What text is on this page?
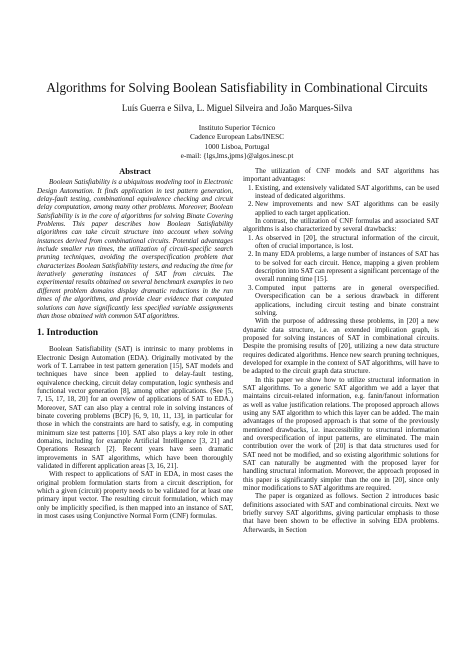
Algorithms for Solving Boolean Satisfiability in Combinational Circuits
Luís Guerra e Silva, L. Miguel Silveira and João Marques-Silva
Instituto Superior Técnico
Cadence European Labs/INESC
1000 Lisboa, Portugal
e-mail: {lgs,lms,jpms}@algos.inesc.pt
Abstract

Boolean Satisfiability is a ubiquitous modeling tool in Electronic Design Automation. It finds application in test pattern generation, delay-fault testing, combinational equivalence checking and circuit delay computation, among many other problems. Moreover, Boolean Satisfiability is in the core of algorithms for solving Binate Covering Problems. This paper describes how Boolean Satisfiability algorithms can take circuit structure into account when solving instances derived from combinational circuits. Potential advantages include smaller run times, the utilization of circuit-specific search pruning techniques, avoiding the overspecification problem that characterizes Boolean Satisfiability testers, and reducing the time for iteratively generating instances of SAT from circuits. The experimental results obtained on several benchmark examples in two different problem domains display dramatic reductions in the run times of the algorithms, and provide clear evidence that computed solutions can have significantly less specified variable assignments than those obtained with common SAT algorithms.

1. Introduction

Boolean Satisfiability (SAT) is intrinsic to many problems in Electronic Design Automation (EDA). Originally motivated by the work of T. Larrabee in test pattern generation [15], SAT models and techniques have since been applied to delay-fault testing, equivalence checking, circuit delay computation, logic synthesis and functional vector generation [8], among other applications. (See [5, 7, 15, 17, 18, 20] for an overview of applications of SAT to EDA.) Moreover, SAT can also play a central role in solving instances of binate covering problems (BCP) [6, 9, 10, 11, 13], in particular for those in which the constraints are hard to satisfy, e.g. in computing minimum size test patterns [10]. SAT also plays a key role in other domains, including for example Artificial Intelligence [3, 21] and Operations Research [2]. Recent years have seen dramatic improvements in SAT algorithms, which have been thoroughly validated in different application areas [3, 16, 21].

With respect to applications of SAT in EDA, in most cases the original problem formulation starts from a circuit description, for which a given (circuit) property needs to be validated for at least one primary input vector. The resulting circuit formulation, which may only be implicitly specified, is then mapped into an instance of SAT, in most cases using Conjunctive Normal Form (CNF) formulas.

The utilization of CNF models and SAT algorithms has important advantages:

1. Existing, and extensively validated SAT algorithms, can be used instead of dedicated algorithms.
2. New improvements and new SAT algorithms can be easily applied to each target application.

In contrast, the utilization of CNF formulas and associated SAT algorithms is also characterized by several drawbacks:

1. As observed in [20], the structural information of the circuit, often of crucial importance, is lost.
2. In many EDA problems, a large number of instances of SAT has to be solved for each circuit. Hence, mapping a given problem description into SAT can represent a significant percentage of the overall running time [15].
3. Computed input patterns are in general overspecified. Overspecification can be a serious drawback in different applications, including circuit testing and binate constraint solving.

With the purpose of addressing these problems, in [20] a new dynamic data structure, i.e. an extended implication graph, is proposed for solving instances of SAT in combinational circuits. Despite the promising results of [20], utilizing a new data structure requires dedicated algorithms. Hence new search pruning techniques, developed for example in the context of SAT algorithms, will have to be adapted to the circuit graph data structure.

In this paper we show how to utilize structural information in SAT algorithms. To a generic SAT algorithm we add a layer that maintains circuit-related information, e.g. fanin/fanout information as well as value justification relations. The proposed approach allows using any SAT algorithm to which this layer can be added. The main advantages of the proposed approach is that some of the previously mentioned drawbacks, i.e. inaccessibility to structural information and overspecification of input patterns, are eliminated. The main contribution over the work of [20] is that data structures used for SAT need not be modified, and so existing algorithmic solutions for SAT can naturally be augmented with the proposed layer for handling structural information. Moreover, the approach proposed in this paper is significantly simpler than the one in [20], since only minor modifications to SAT algorithms are required.

The paper is organized as follows. Section 2 introduces basic definitions associated with SAT and combinational circuits. Next we briefly survey SAT algorithms, giving particular emphasis to those that have been shown to be effective in solving EDA problems. Afterwards, in Section
